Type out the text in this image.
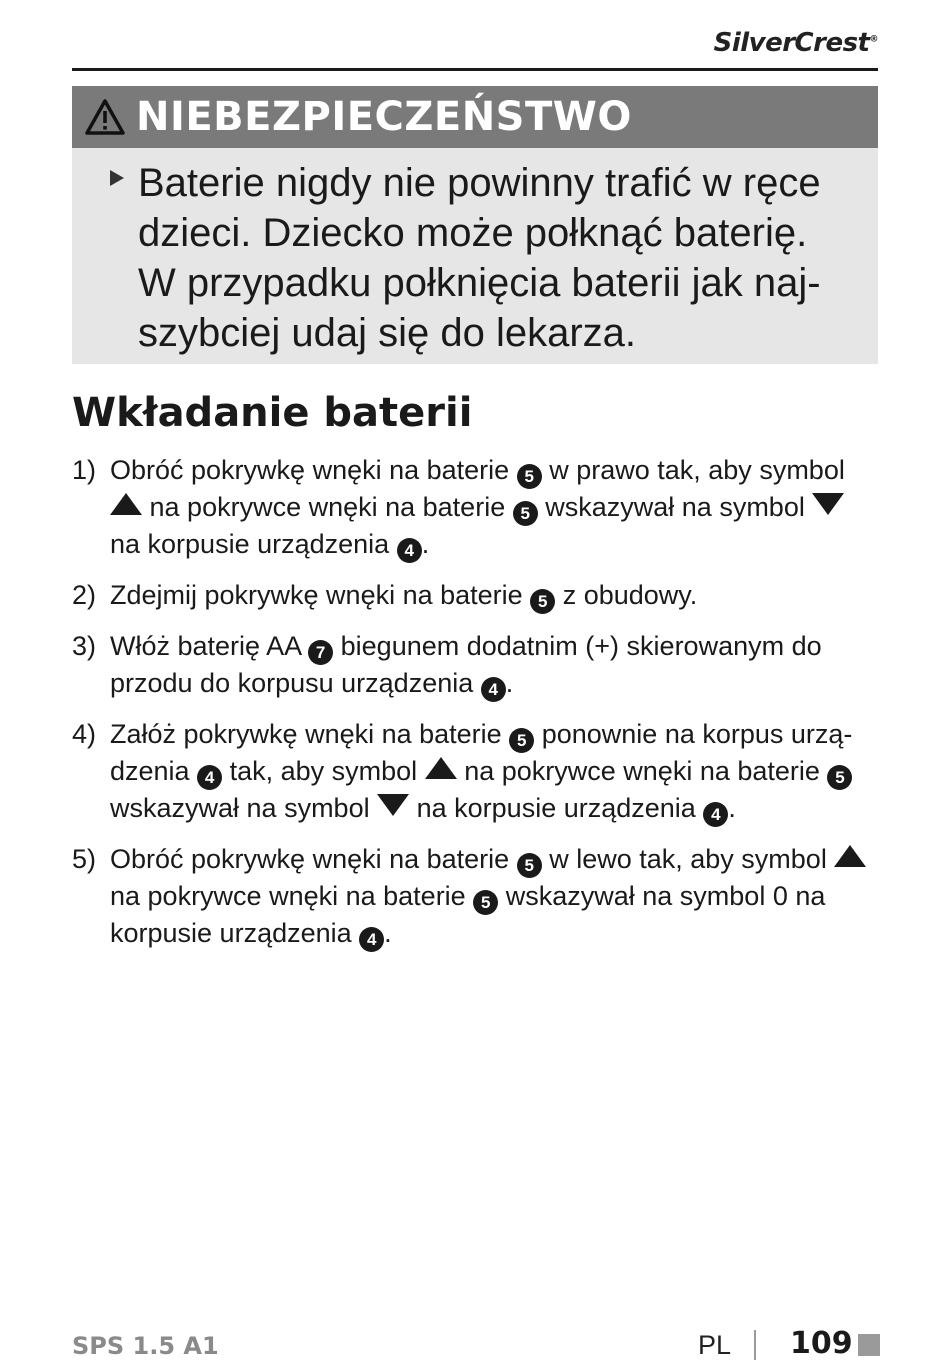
SilverCrest®
NIEBEZPIECZEŃSTWO
Baterie nigdy nie powinny trafić w ręce
dzieci. Dziecko może połknąć baterię.
W przypadku połknięcia baterii jak naj-
szybciej udaj się do lekarza.
Wkładanie baterii
1) Obróć pokrywkę wnęki na baterie 5 w prawo tak, aby symbol
na pokrywce wnęki na baterie 5 wskazywał na symbol
na korpusie urządzenia 4 .
2) Zdejmij pokrywkę wnęki na baterie 5 z obudowy.
3) Włóż baterię AA 7 biegunem dodatnim (+) skierowanym do
przodu do korpusu urządzenia 4 .
4) Załóż pokrywkę wnęki na baterie 5 ponownie na korpus urzą-
dzenia 4 tak, aby symbol na pokrywce wnęki na baterie 5
wskazywał na symbol na korpusie urządzenia 4 .
5) Obróć pokrywkę wnęki na baterie 5 w lewo tak, aby symbol
na pokrywce wnęki na baterie 5 wskazywał na symbol 0 na
korpusie urządzenia 4 .
SPS 1.5 A1	PL 109
